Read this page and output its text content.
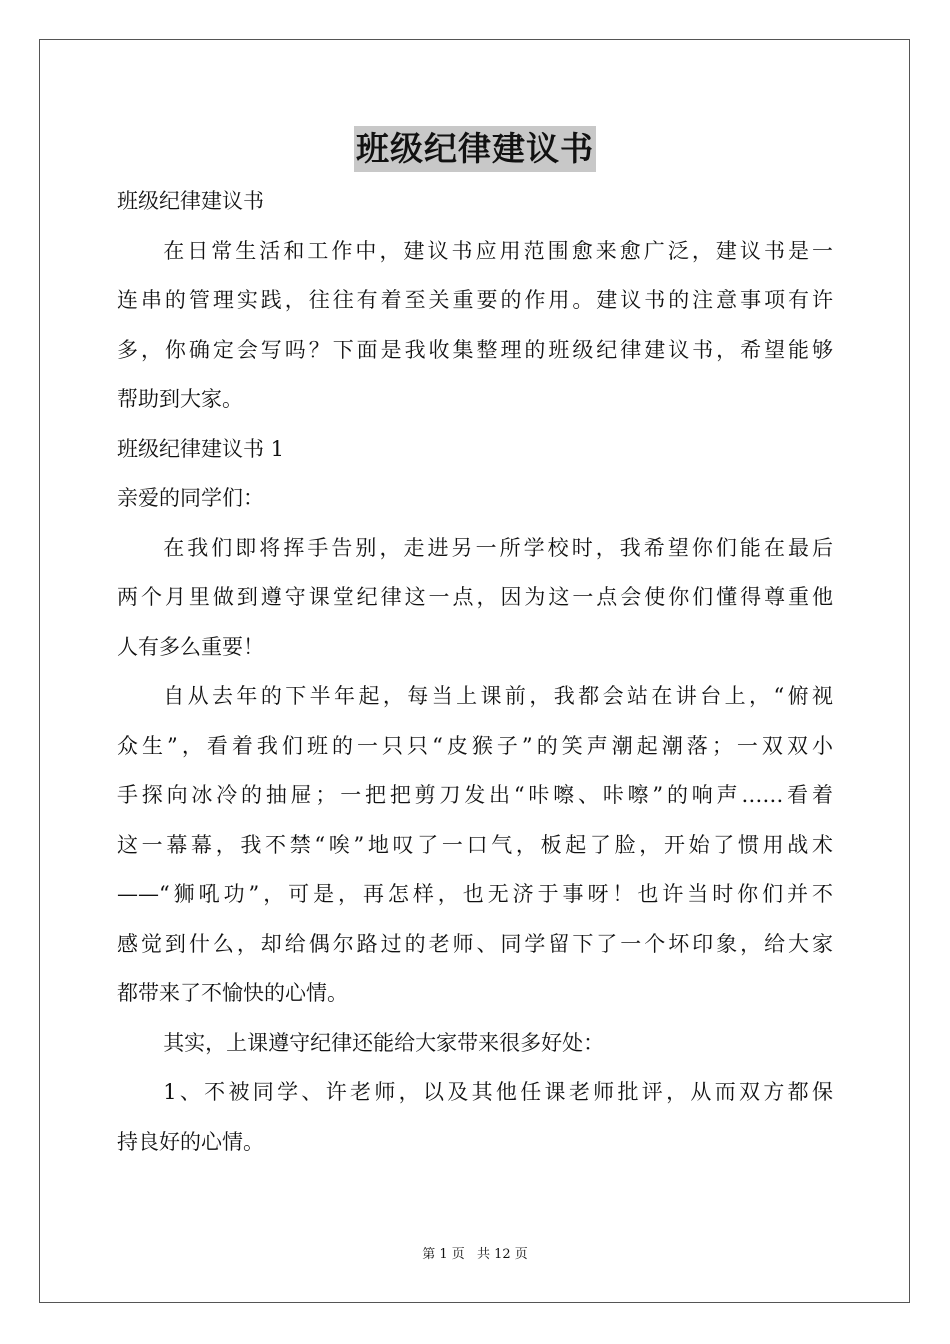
班级纪律建议书

班级纪律建议书

在日常生活和工作中，建议书应用范围愈来愈广泛，建议书是一

连串的管理实践，往往有着至关重要的作用。建议书的注意事项有许

多，你确定会写吗？下面是我收集整理的班级纪律建议书，希望能够

帮助到大家。

班级纪律建议书 1

亲爱的同学们：

在我们即将挥手告别，走进另一所学校时，我希望你们能在最后

两个月里做到遵守课堂纪律这一点，因为这一点会使你们懂得尊重他

人有多么重要！

自从去年的下半年起，每当上课前，我都会站在讲台上，“俯视

众生”，看着我们班的一只只“皮猴子”的笑声潮起潮落；一双双小

手探向冰冷的抽屉；一把把剪刀发出“咔嚓、咔嚓”的响声……看着

这一幕幕，我不禁“唉”地叹了一口气，板起了脸，开始了惯用战术

——“狮吼功”，可是，再怎样，也无济于事呀！也许当时你们并不

感觉到什么，却给偶尔路过的老师、同学留下了一个坏印象，给大家

都带来了不愉快的心情。

其实，上课遵守纪律还能给大家带来很多好处：

1、不被同学、许老师，以及其他任课老师批评，从而双方都保

持良好的心情。

第 1 页 共 12 页
